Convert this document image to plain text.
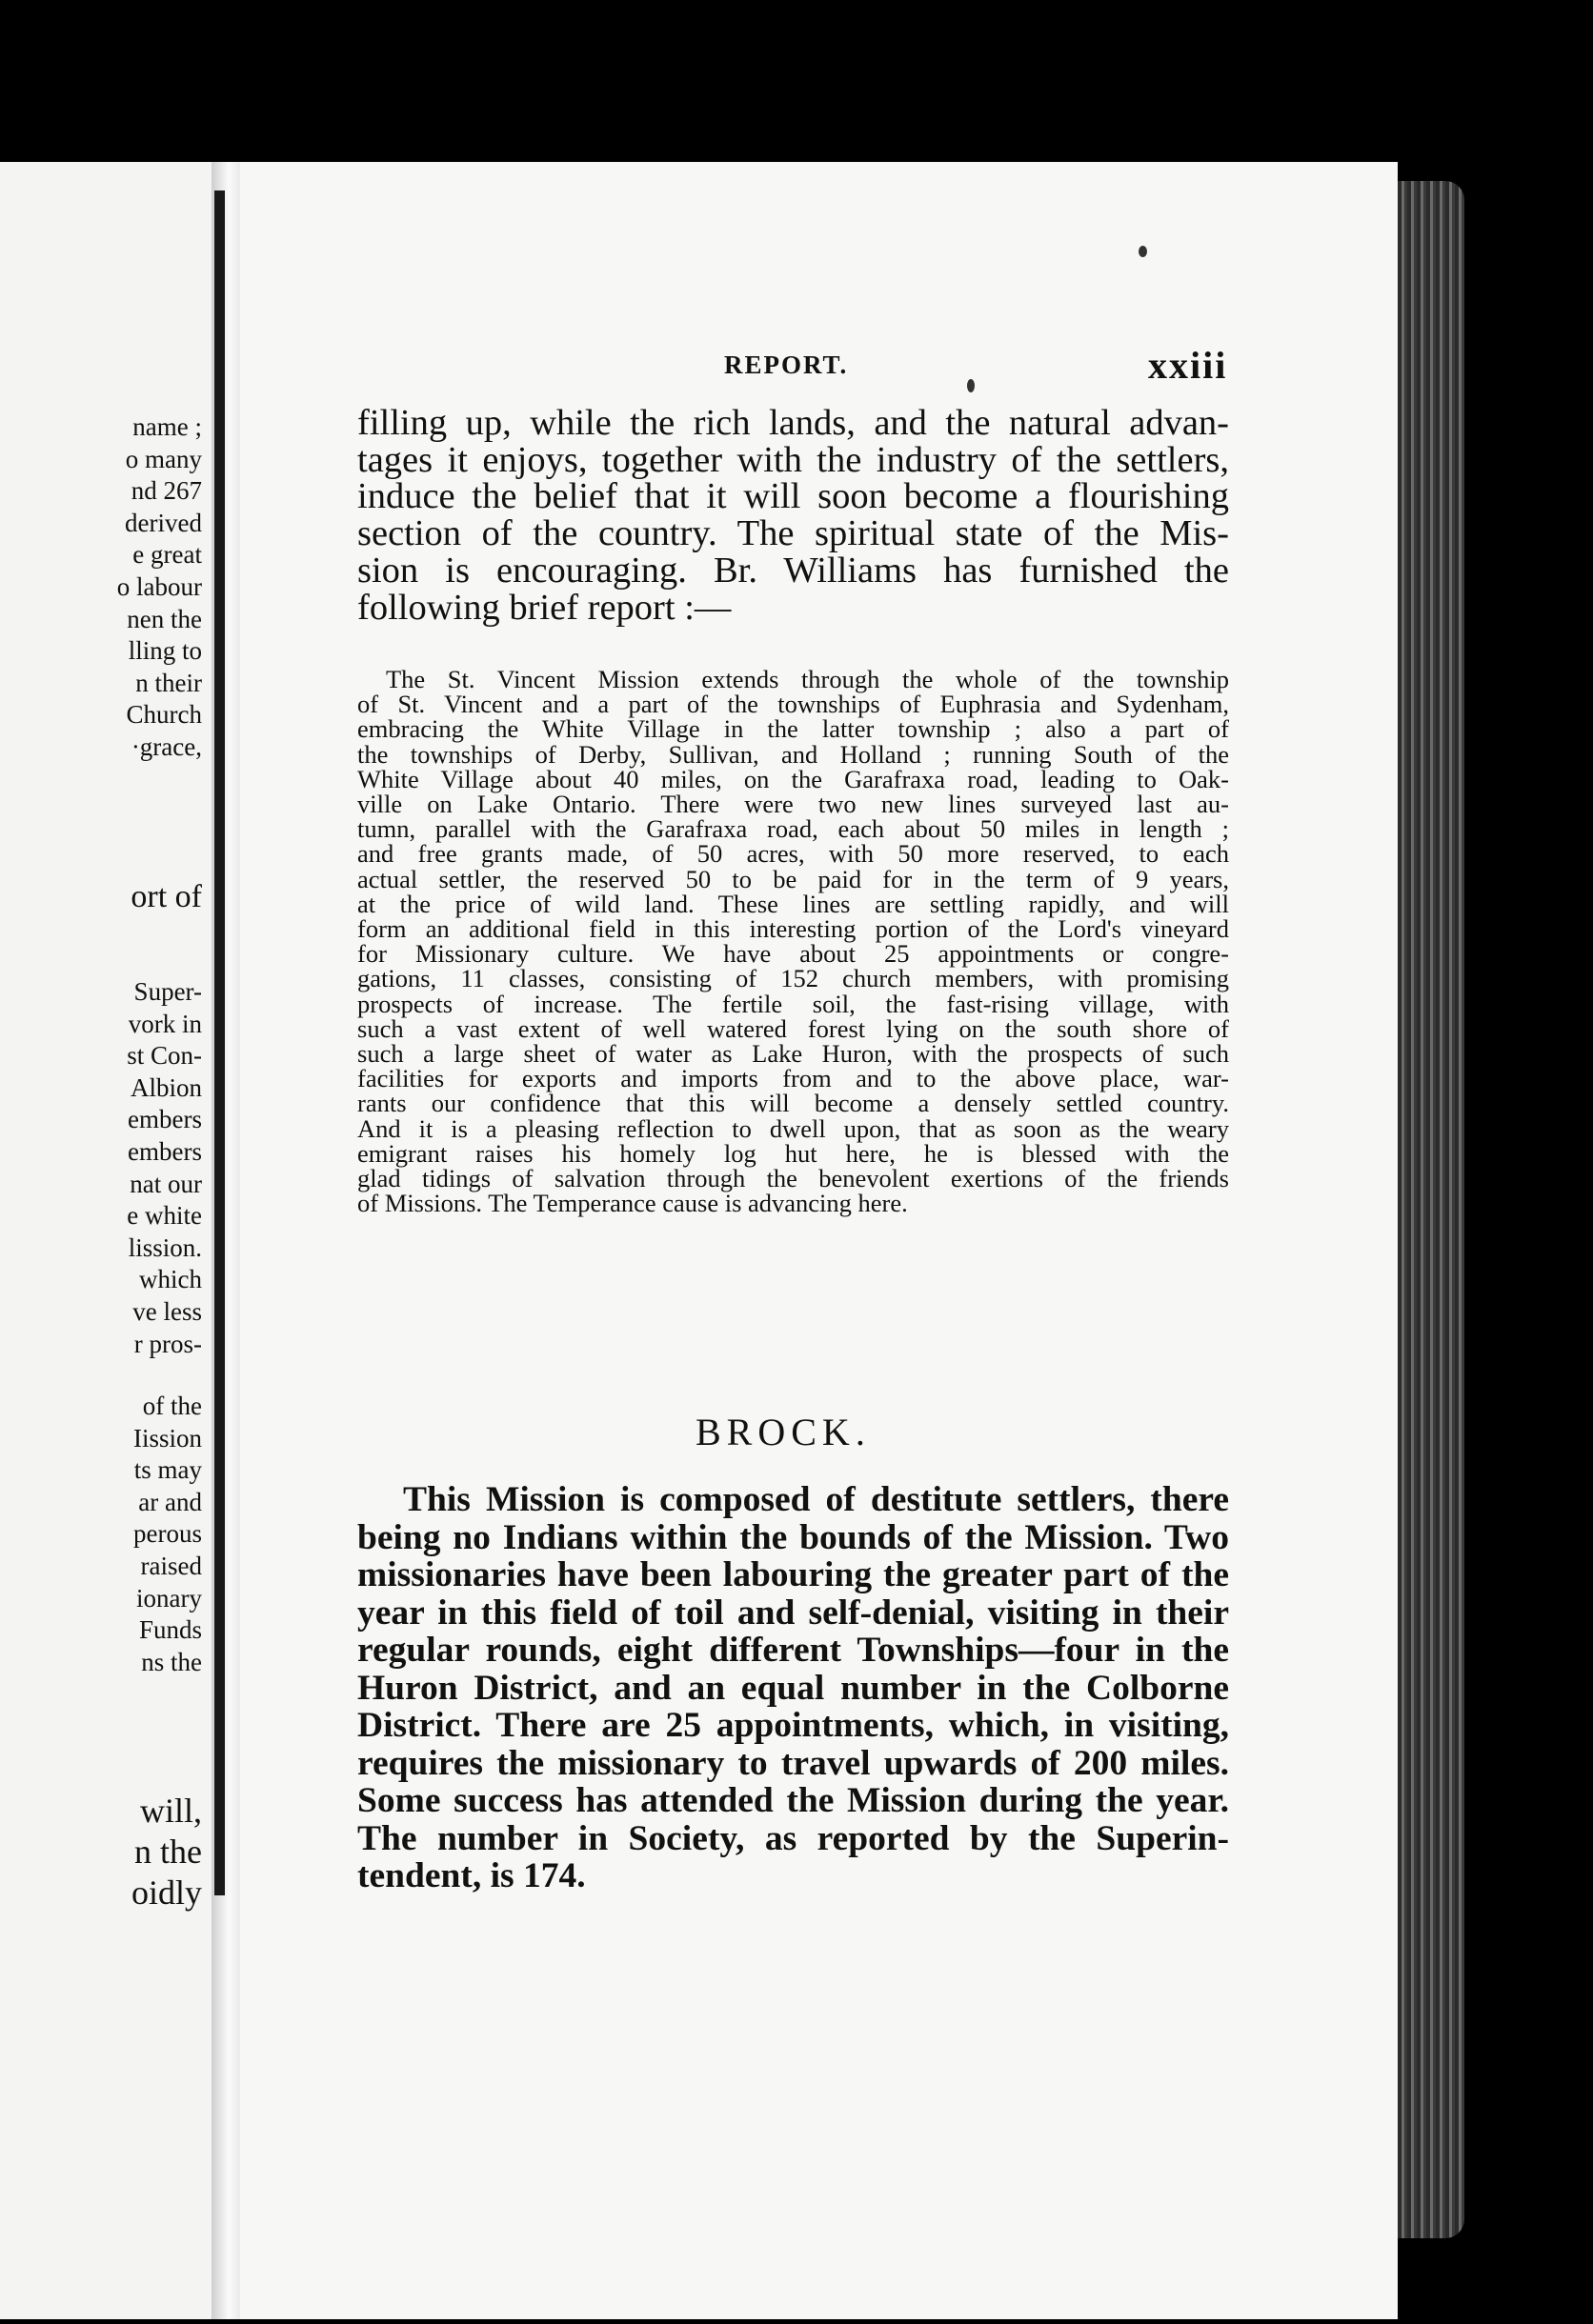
name ;
o many
nd 267
derived
e great
o labour
nen the
lling to
n their
Church
·grace,
ort of
Super-
vork in
st Con-
Albion
embers
embers
nat our
e white
lission.
which
ve less
r pros-
of the
Iission
ts may
ar and
perous
raised
ionary
Funds
ns the
will,
n the
oidly
REPORT.	xxiii
filling up, while the rich lands, and the natural advan-
tages it enjoys, together with the industry of the settlers,
induce the belief that it will soon become a flourishing
section of the country. The spiritual state of the Mis-
sion is encouraging. Br. Williams has furnished the
following brief report :—
The St. Vincent Mission extends through the whole of the township
of St. Vincent and a part of the townships of Euphrasia and Sydenham,
embracing the White Village in the latter township ; also a part of
the townships of Derby, Sullivan, and Holland ; running South of the
White Village about 40 miles, on the Garafraxa road, leading to Oak-
ville on Lake Ontario. There were two new lines surveyed last au-
tumn, parallel with the Garafraxa road, each about 50 miles in length ;
and free grants made, of 50 acres, with 50 more reserved, to each
actual settler, the reserved 50 to be paid for in the term of 9 years,
at the price of wild land. These lines are settling rapidly, and will
form an additional field in this interesting portion of the Lord's vineyard
for Missionary culture. We have about 25 appointments or congre-
gations, 11 classes, consisting of 152 church members, with promising
prospects of increase. The fertile soil, the fast-rising village, with
such a vast extent of well watered forest lying on the south shore of
such a large sheet of water as Lake Huron, with the prospects of such
facilities for exports and imports from and to the above place, war-
rants our confidence that this will become a densely settled country.
And it is a pleasing reflection to dwell upon, that as soon as the weary
emigrant raises his homely log hut here, he is blessed with the
glad tidings of salvation through the benevolent exertions of the friends
of Missions. The Temperance cause is advancing here.
BROCK.
This Mission is composed of destitute settlers, there
being no Indians within the bounds of the Mission. Two
missionaries have been labouring the greater part of the
year in this field of toil and self-denial, visiting in their
regular rounds, eight different Townships—four in the
Huron District, and an equal number in the Colborne
District. There are 25 appointments, which, in visiting,
requires the missionary to travel upwards of 200 miles.
Some success has attended the Mission during the year.
The number in Society, as reported by the Superin-
tendent, is 174.
